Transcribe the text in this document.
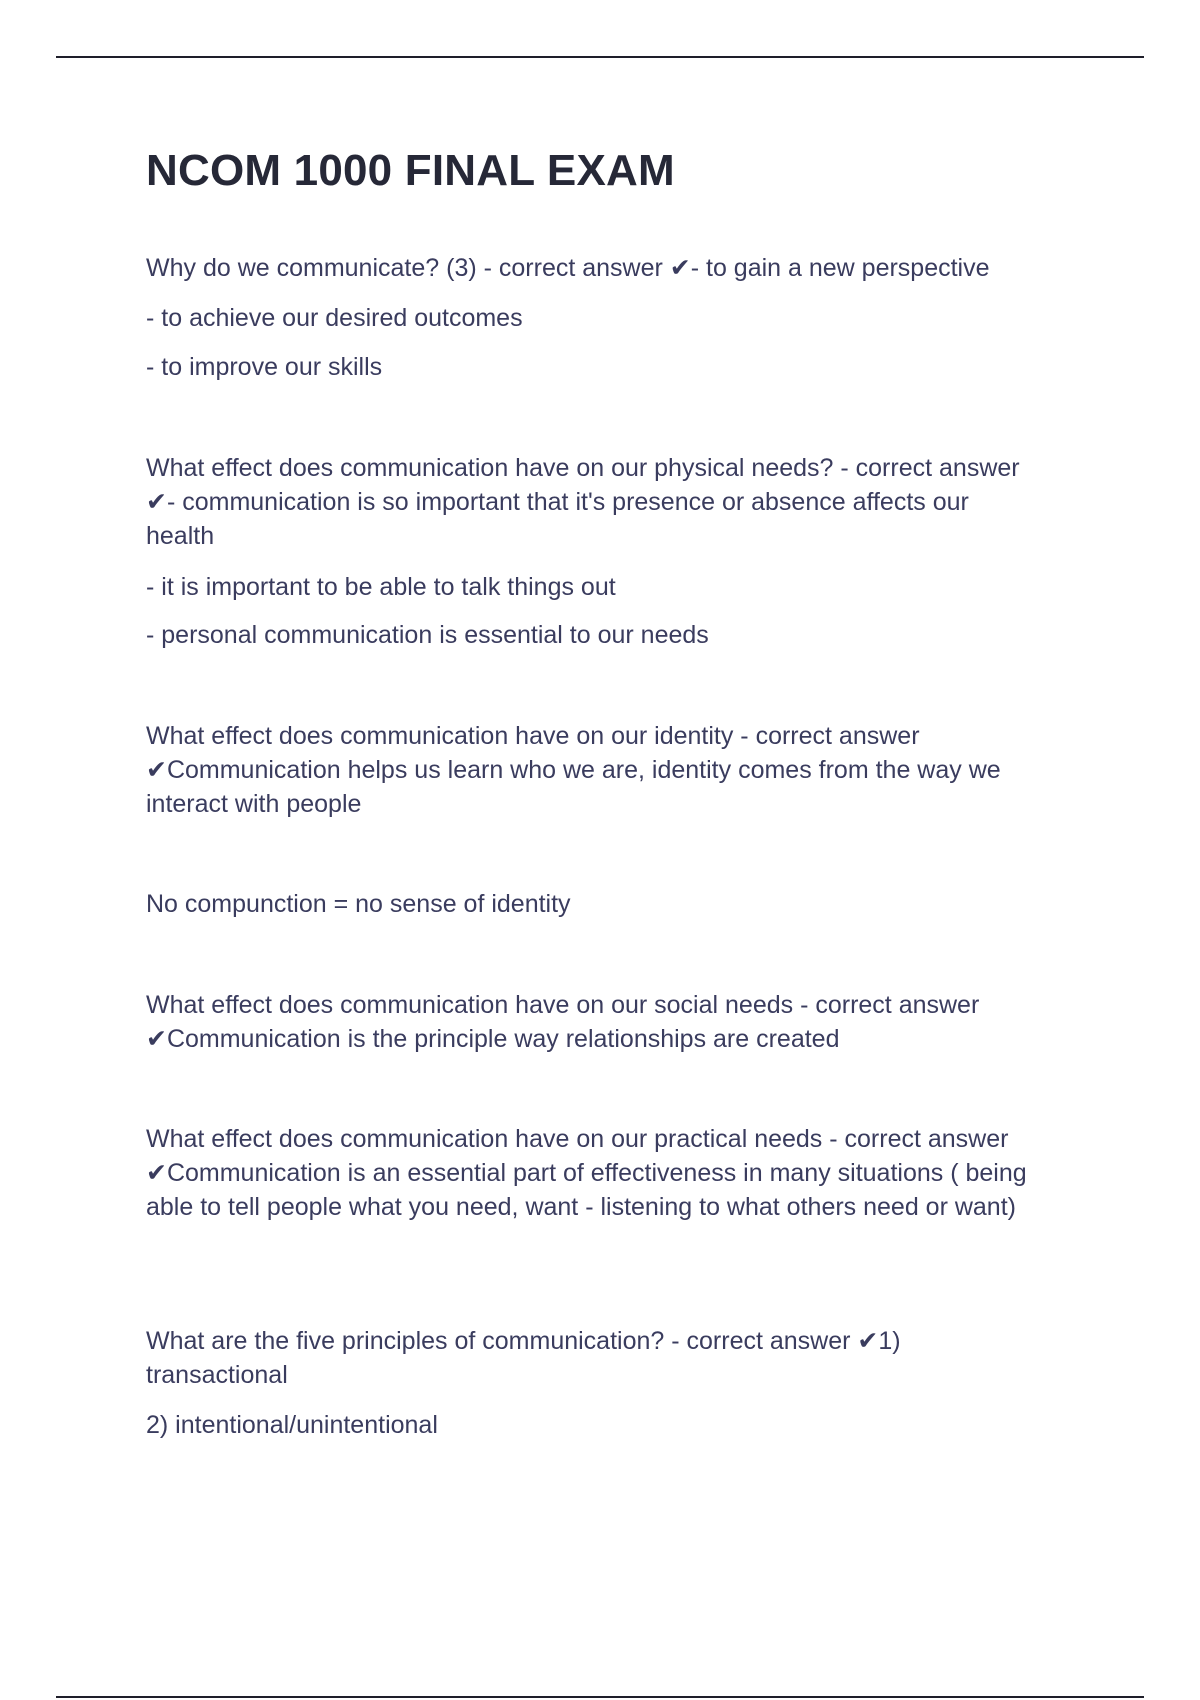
NCOM 1000 FINAL EXAM

Why do we communicate? (3) - correct answer ✔- to gain a new perspective

- to achieve our desired outcomes

- to improve our skills

What effect does communication have on our physical needs? - correct answer ✔- communication is so important that it's presence or absence affects our health

- it is important to be able to talk things out

- personal communication is essential to our needs

What effect does communication have on our identity - correct answer ✔Communication helps us learn who we are, identity comes from the way we interact with people

No compunction = no sense of identity

What effect does communication have on our social needs - correct answer ✔Communication is the principle way relationships are created

What effect does communication have on our practical needs - correct answer ✔Communication is an essential part of effectiveness in many situations ( being able to tell people what you need, want - listening to what others need or want)

What are the five principles of communication? - correct answer ✔1) transactional

2) intentional/unintentional
